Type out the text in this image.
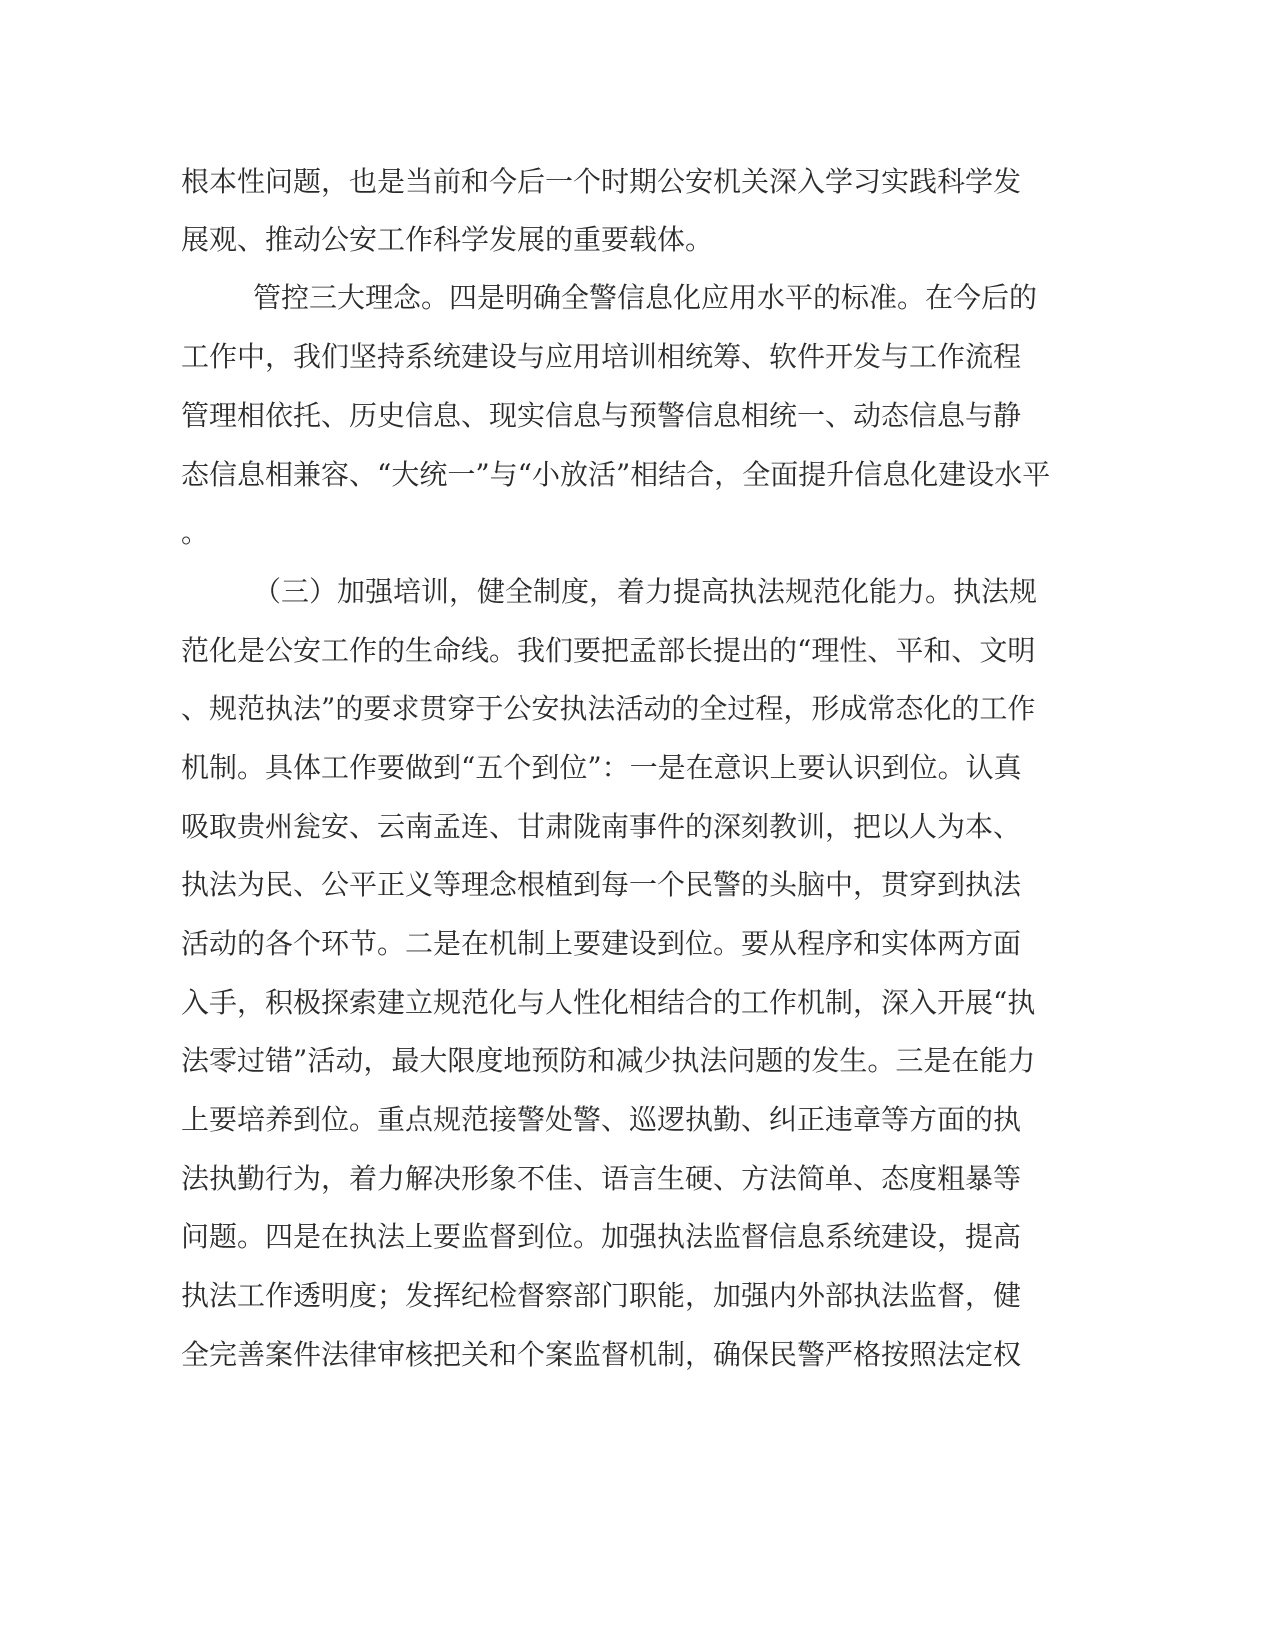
根本性问题，也是当前和今后一个时期公安机关深入学习实践科学发
展观、推动公安工作科学发展的重要载体。
管控三大理念。四是明确全警信息化应用水平的标准。在今后的
工作中，我们坚持系统建设与应用培训相统筹、软件开发与工作流程
管理相依托、历史信息、现实信息与预警信息相统一、动态信息与静
态信息相兼容、“大统一”与“小放活”相结合，全面提升信息化建设水平
。
（三）加强培训，健全制度，着力提高执法规范化能力。执法规
范化是公安工作的生命线。我们要把孟部长提出的“理性、平和、文明
、规范执法”的要求贯穿于公安执法活动的全过程，形成常态化的工作
机制。具体工作要做到“五个到位”：一是在意识上要认识到位。认真
吸取贵州瓮安、云南孟连、甘肃陇南事件的深刻教训，把以人为本、
执法为民、公平正义等理念根植到每一个民警的头脑中，贯穿到执法
活动的各个环节。二是在机制上要建设到位。要从程序和实体两方面
入手，积极探索建立规范化与人性化相结合的工作机制，深入开展“执
法零过错”活动，最大限度地预防和减少执法问题的发生。三是在能力
上要培养到位。重点规范接警处警、巡逻执勤、纠正违章等方面的执
法执勤行为，着力解决形象不佳、语言生硬、方法简单、态度粗暴等
问题。四是在执法上要监督到位。加强执法监督信息系统建设，提高
执法工作透明度；发挥纪检督察部门职能，加强内外部执法监督，健
全完善案件法律审核把关和个案监督机制，确保民警严格按照法定权
